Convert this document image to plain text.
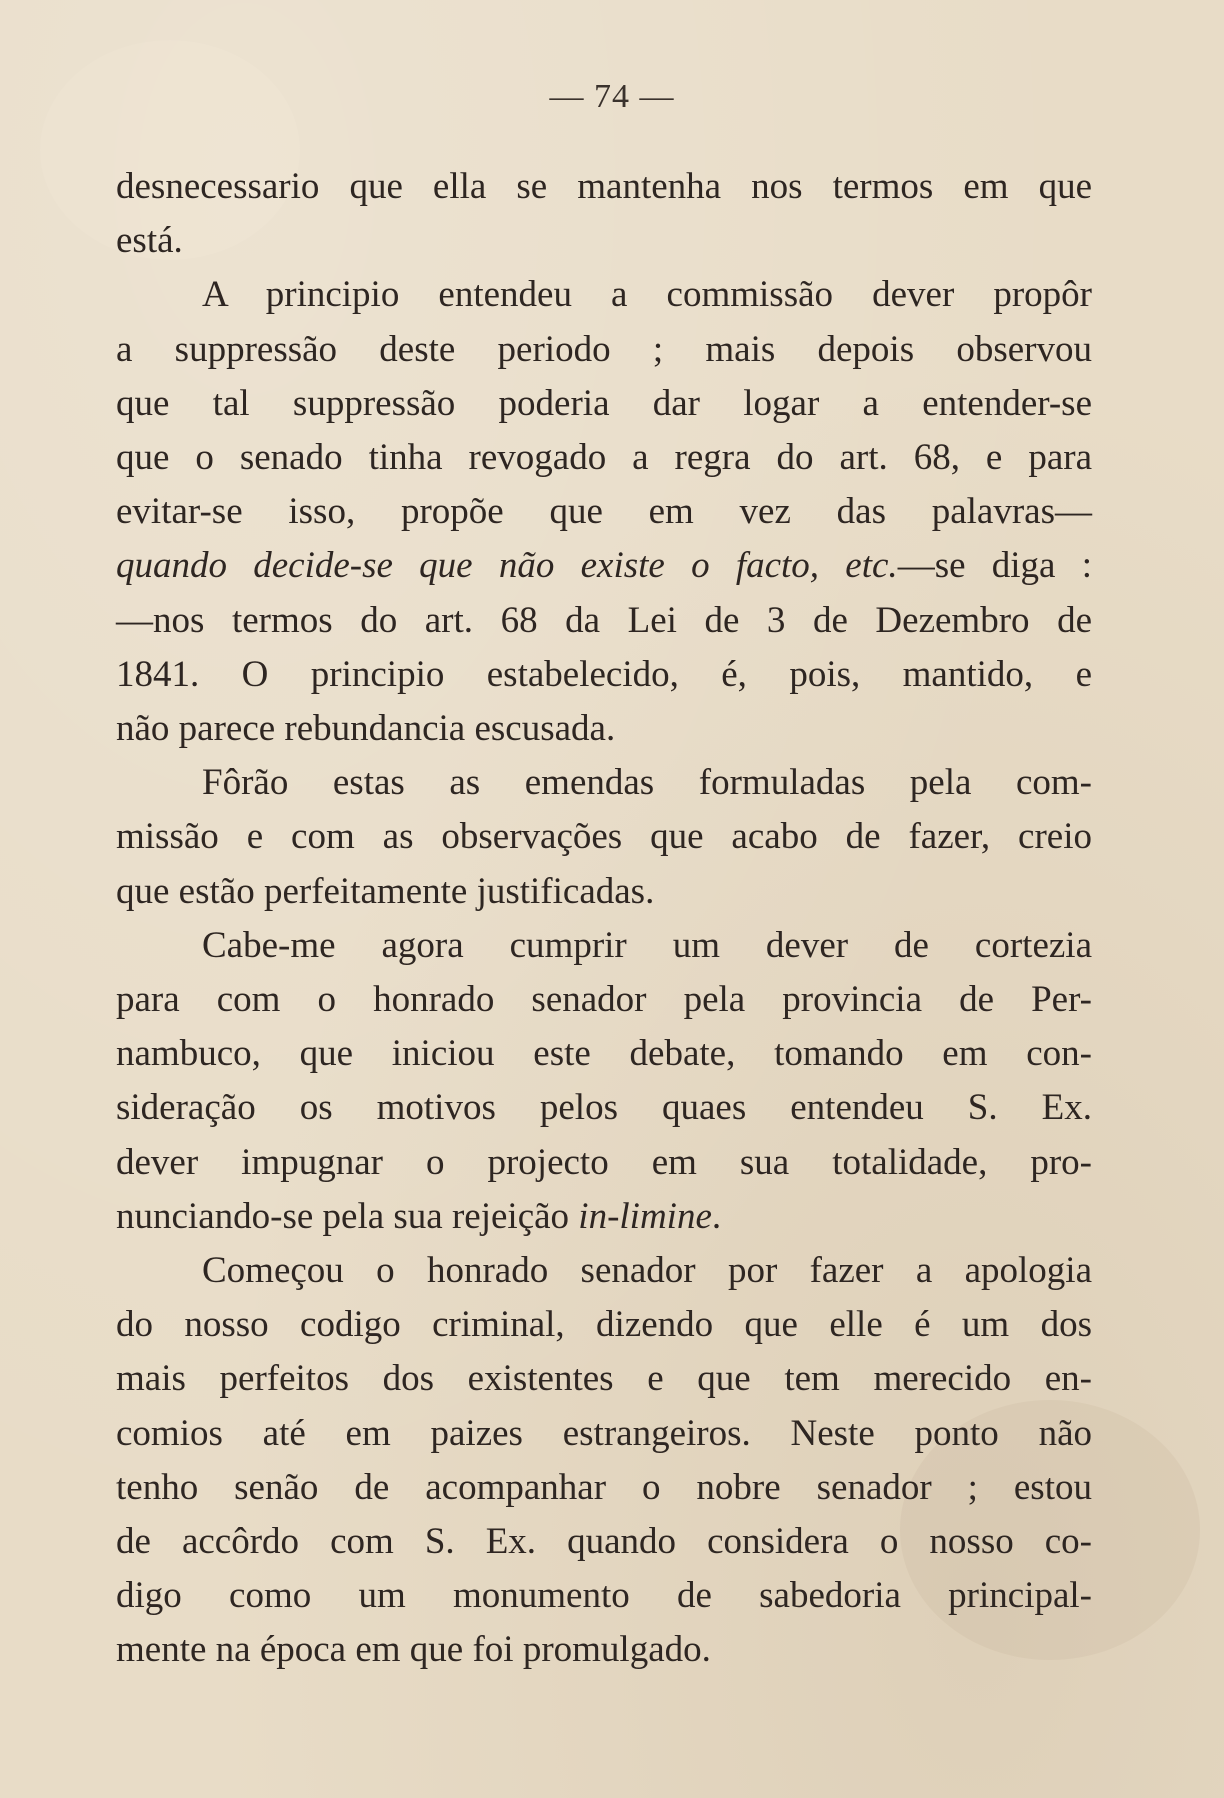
— 74 —
desnecessario que ella se mantenha nos termos em que
está.
A principio entendeu a commissão dever propôr
a suppressão deste periodo ; mais depois observou
que tal suppressão poderia dar logar a entender-se
que o senado tinha revogado a regra do art. 68, e para
evitar-se isso, propõe que em vez das palavras—
quando decide-se que não existe o facto, etc.—se diga :
—nos termos do art. 68 da Lei de 3 de Dezembro de
1841. O principio estabelecido, é, pois, mantido, e
não parece rebundancia escusada.
Fôrão estas as emendas formuladas pela com-
missão e com as observações que acabo de fazer, creio
que estão perfeitamente justificadas.
Cabe-me agora cumprir um dever de cortezia
para com o honrado senador pela provincia de Per-
nambuco, que iniciou este debate, tomando em con-
sideração os motivos pelos quaes entendeu S. Ex.
dever impugnar o projecto em sua totalidade, pro-
nunciando-se pela sua rejeição in-limine.
Começou o honrado senador por fazer a apologia
do nosso codigo criminal, dizendo que elle é um dos
mais perfeitos dos existentes e que tem merecido en-
comios até em paizes estrangeiros. Neste ponto não
tenho senão de acompanhar o nobre senador ; estou
de accôrdo com S. Ex. quando considera o nosso co-
digo como um monumento de sabedoria principal-
mente na época em que foi promulgado.
